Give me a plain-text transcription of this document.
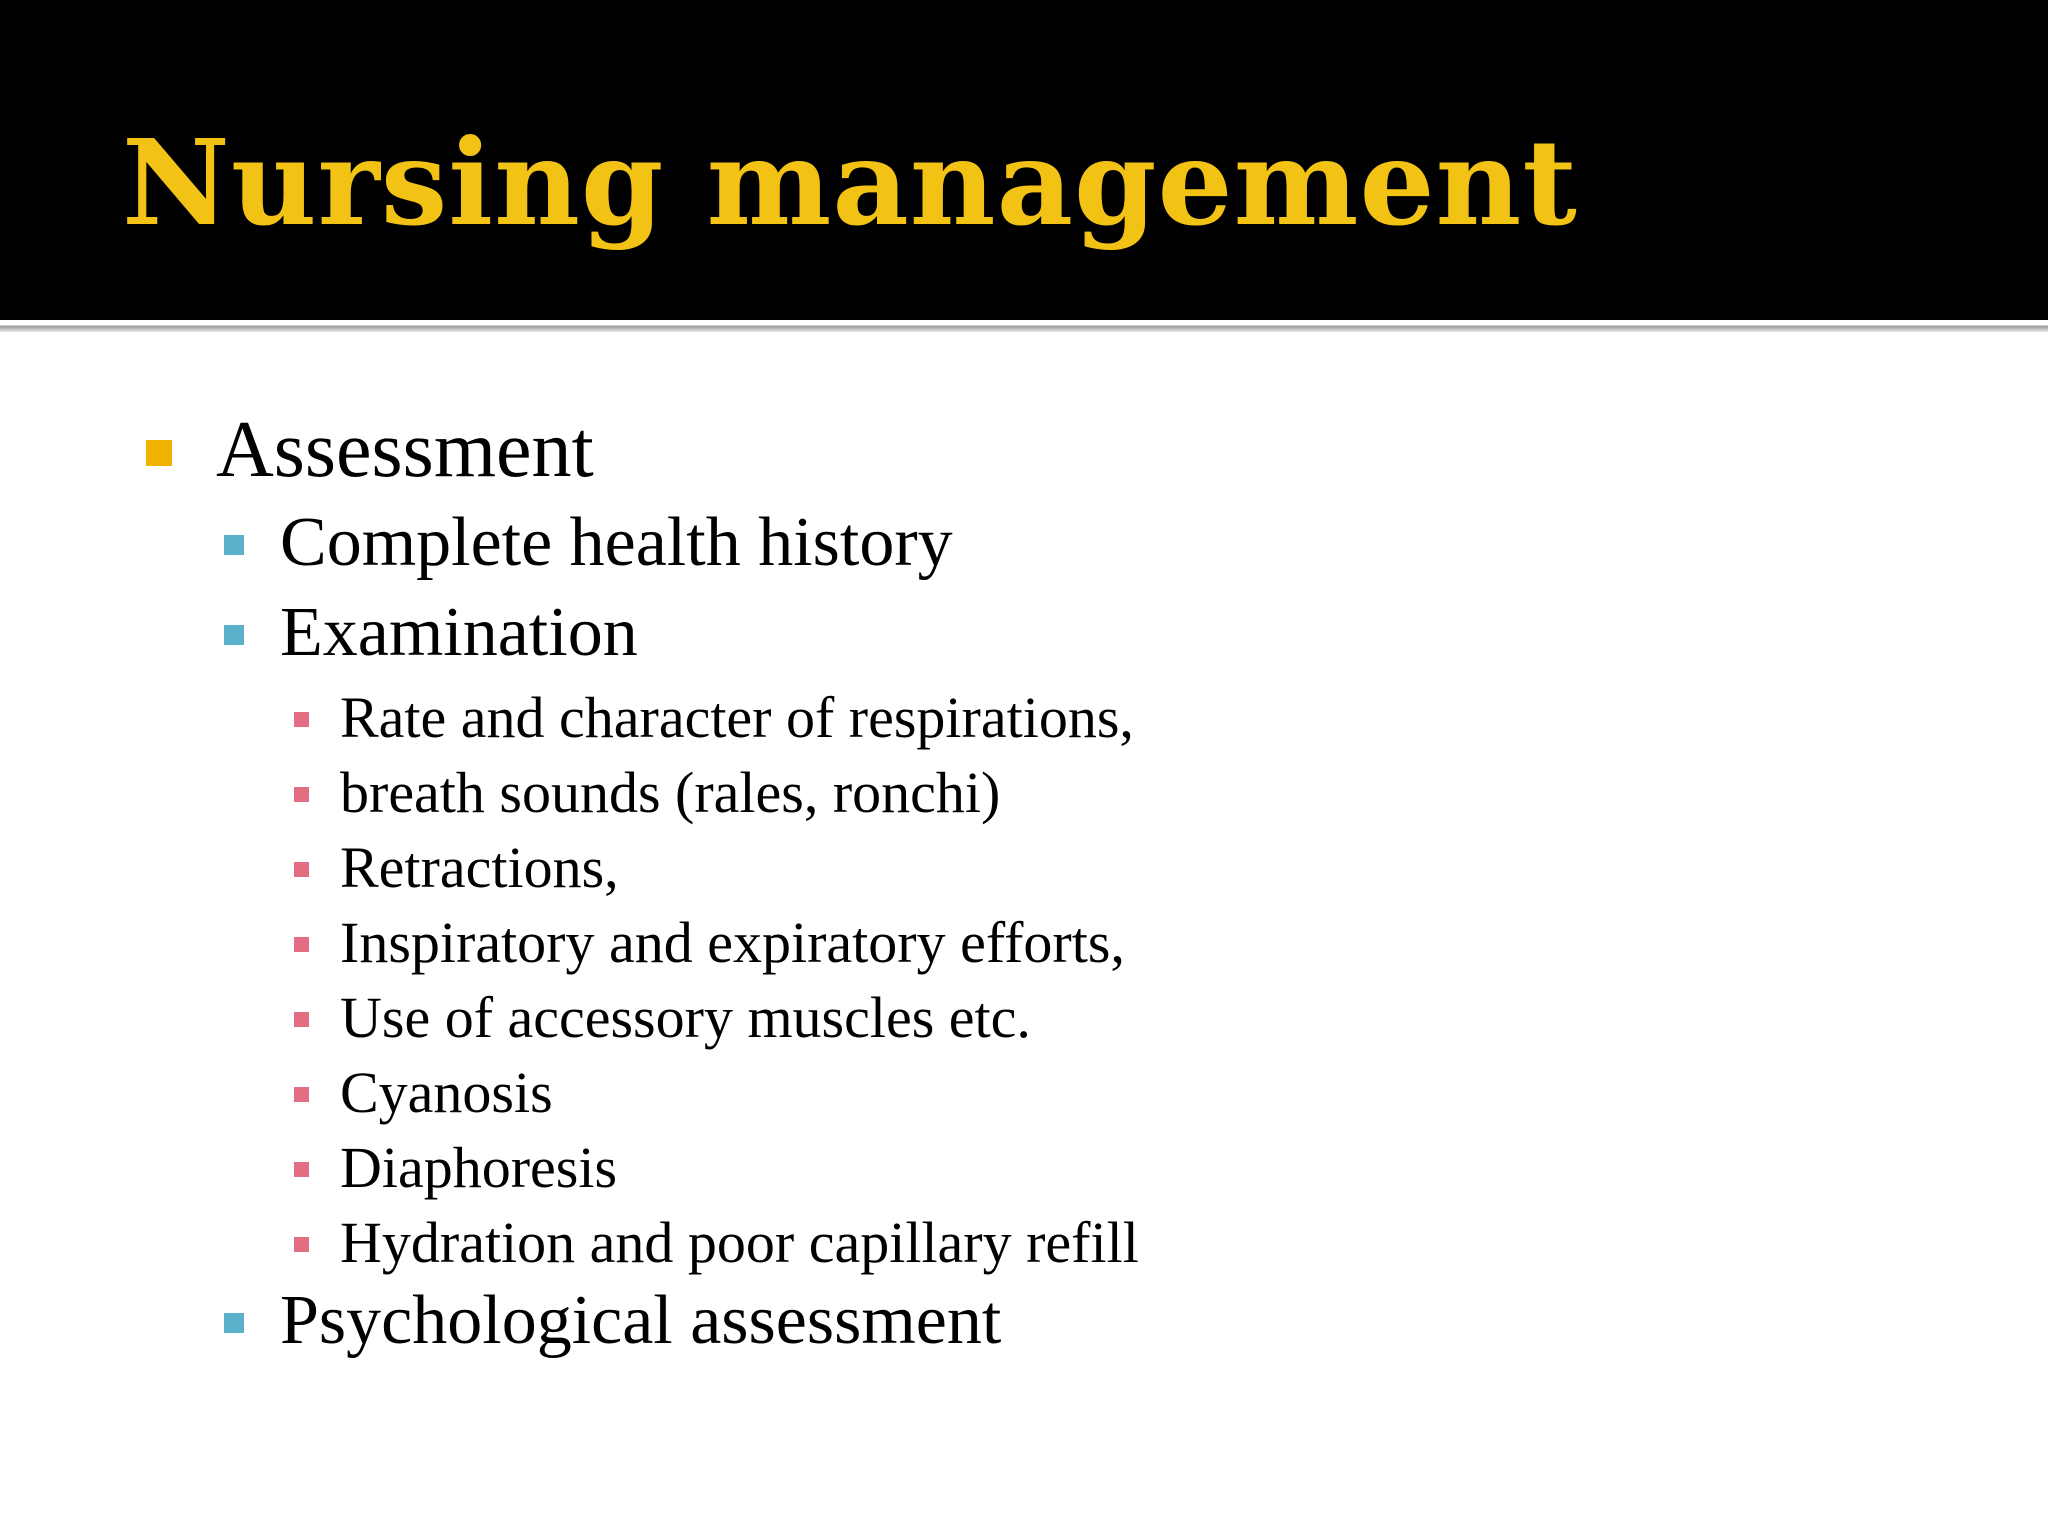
Nursing management
Assessment
Complete health history
Examination
Rate and character of respirations,
breath sounds (rales, ronchi)
Retractions,
Inspiratory and expiratory efforts,
Use of accessory muscles etc.
Cyanosis
Diaphoresis
Hydration and poor capillary refill
Psychological assessment
